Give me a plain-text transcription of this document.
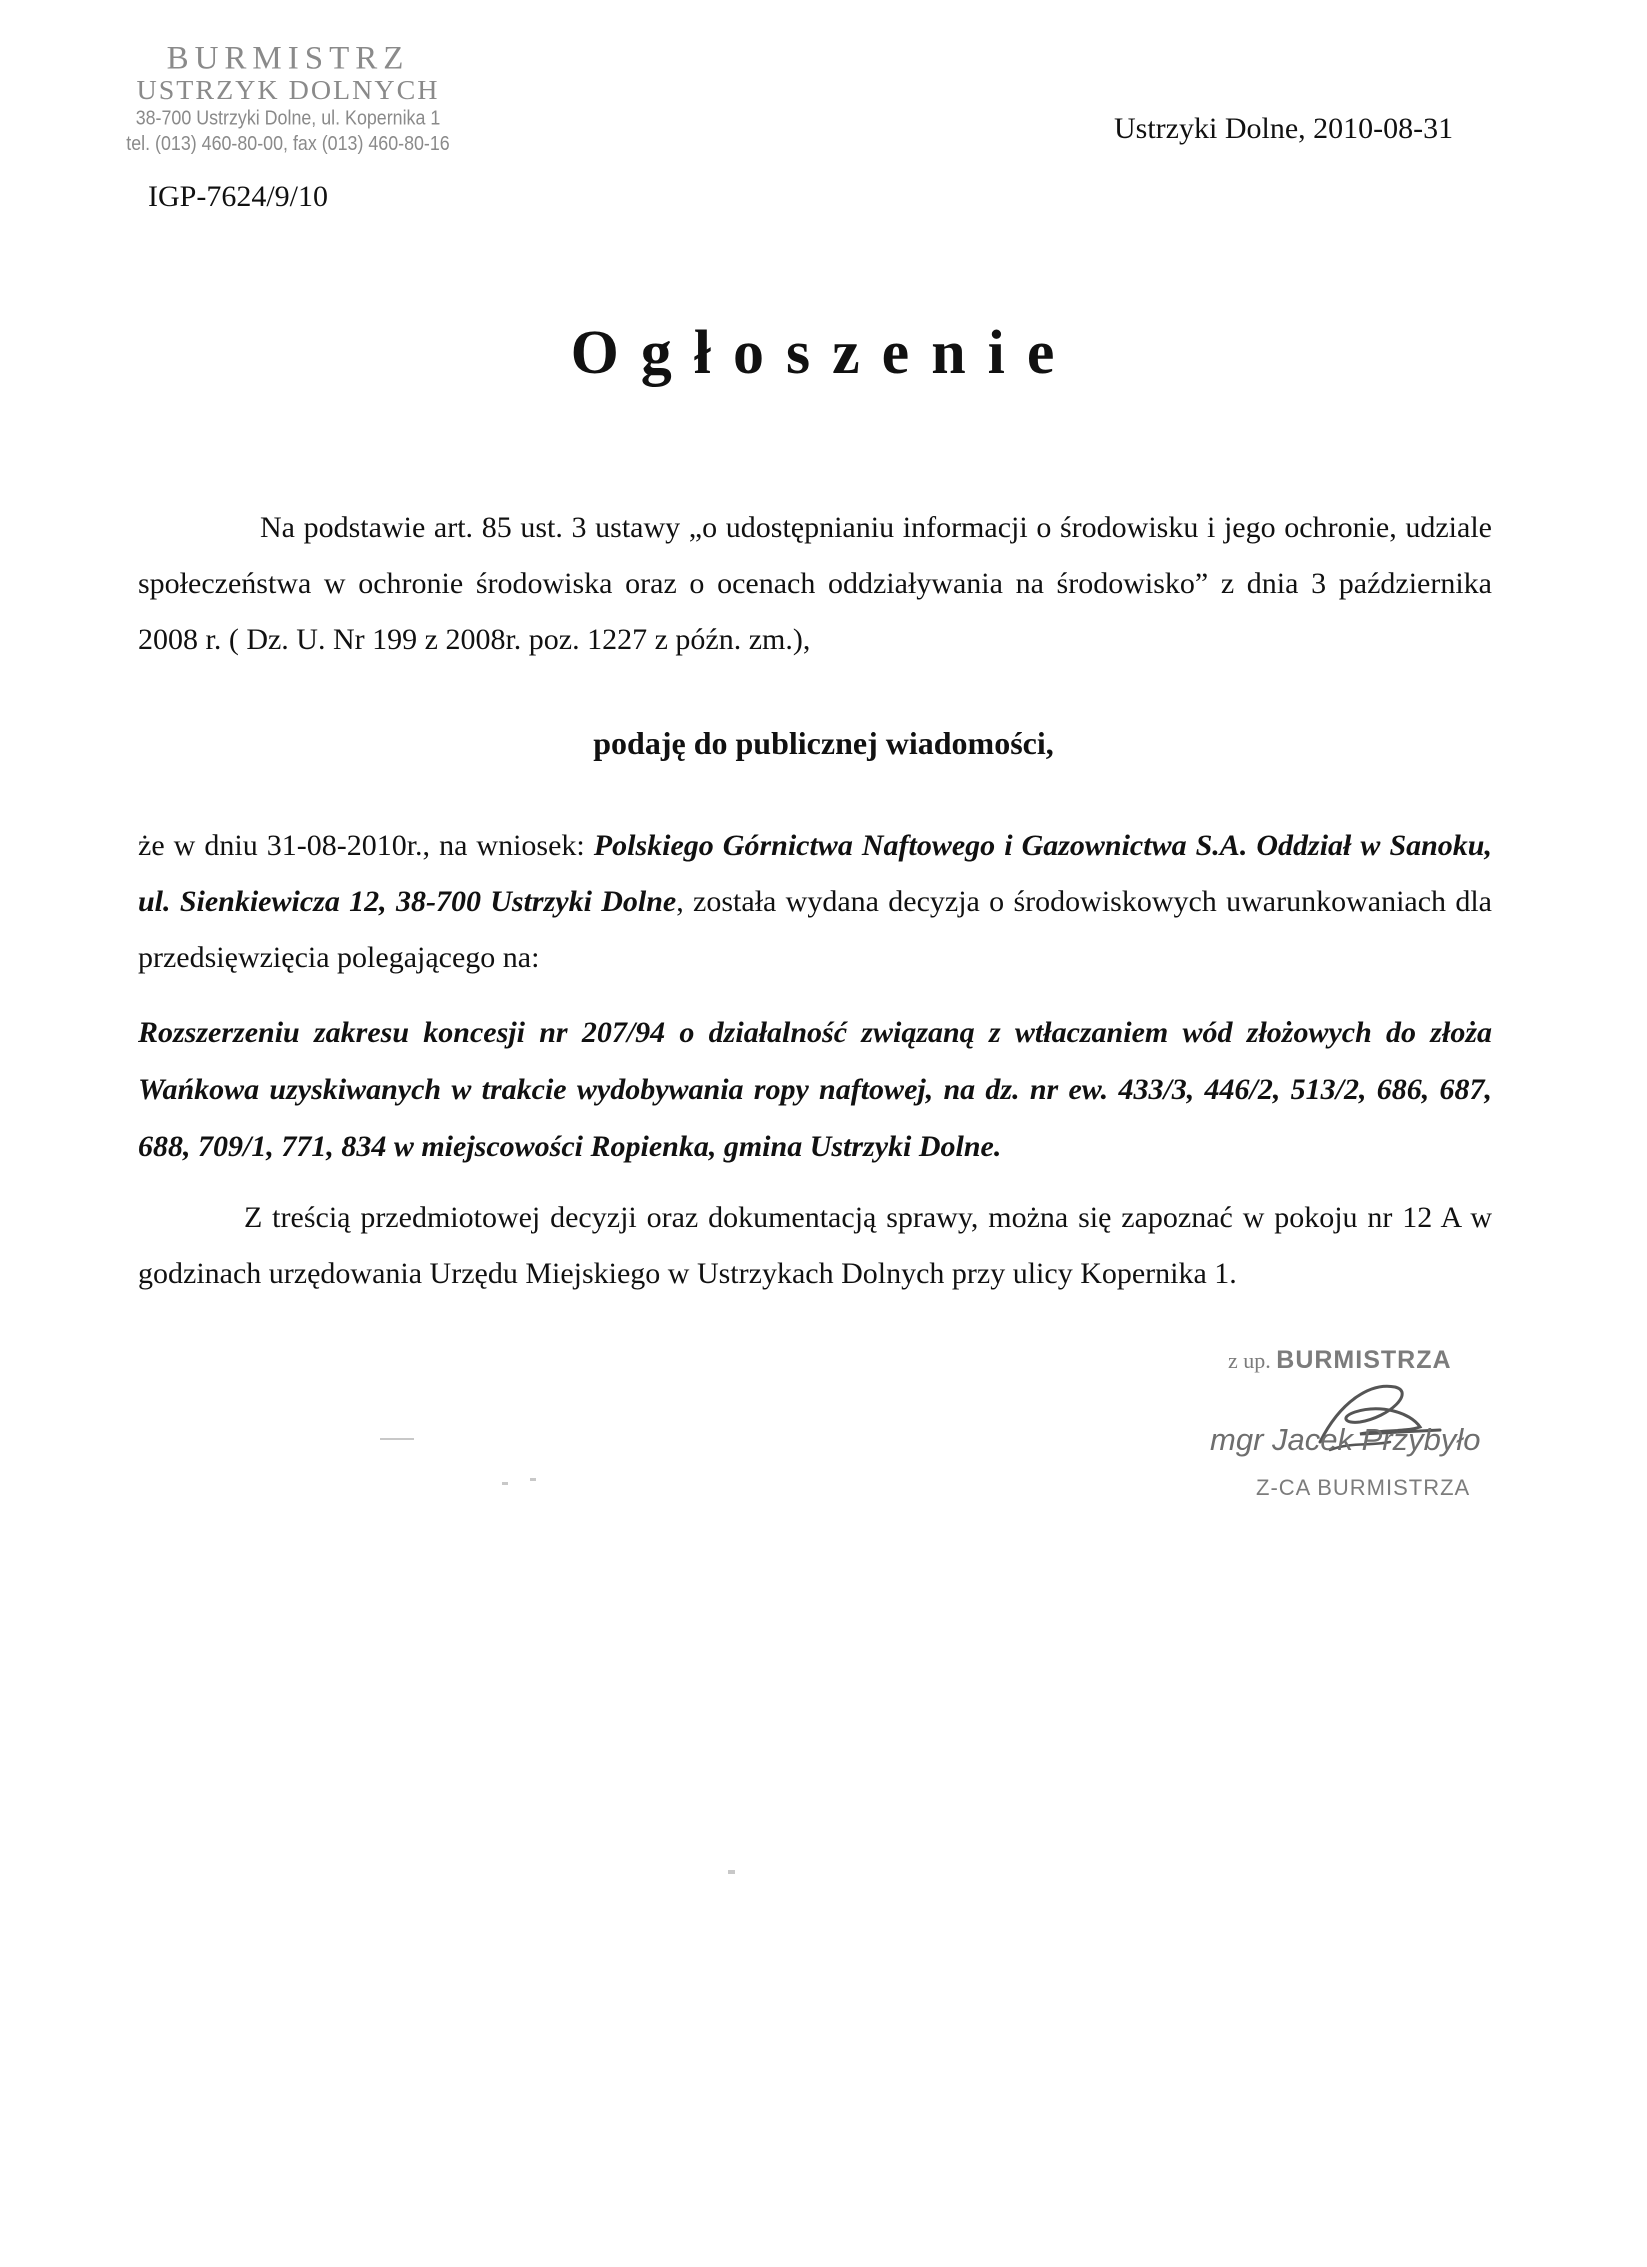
BURMISTRZ
USTRZYK DOLNYCH
38-700 Ustrzyki Dolne, ul. Kopernika 1
tel. (013) 460-80-00, fax (013) 460-80-16	Ustrzyki Dolne, 2010-08-31
IGP-7624/9/10
Ogłoszenie
Na podstawie art. 85 ust. 3 ustawy „o udostępnianiu informacji o środowisku i jego ochronie, udziale społeczeństwa w ochronie środowiska oraz o ocenach oddziaływania na środowisko” z dnia 3 października 2008 r. ( Dz. U. Nr 199 z 2008r. poz. 1227 z późn. zm.),
podaję do publicznej wiadomości,
że w dniu 31-08-2010r., na wniosek: Polskiego Górnictwa Naftowego i Gazownictwa S.A. Oddział w Sanoku, ul. Sienkiewicza 12, 38-700 Ustrzyki Dolne, została wydana decyzja o środowiskowych uwarunkowaniach dla przedsięwzięcia polegającego na:
Rozszerzeniu zakresu koncesji nr 207/94 o działalność związaną z wtłaczaniem wód złożowych do złoża Wańkowa uzyskiwanych w trakcie wydobywania ropy naftowej, na dz. nr ew. 433/3, 446/2, 513/2, 686, 687, 688, 709/1, 771, 834 w miejscowości Ropienka, gmina Ustrzyki Dolne.
Z treścią przedmiotowej decyzji oraz dokumentacją sprawy, można się zapoznać w pokoju nr 12 A w godzinach urzędowania Urzędu Miejskiego w Ustrzykach Dolnych przy ulicy Kopernika 1.
z up. BURMISTRZA
mgr Jacek Przybyło
Z-CA BURMISTRZA
